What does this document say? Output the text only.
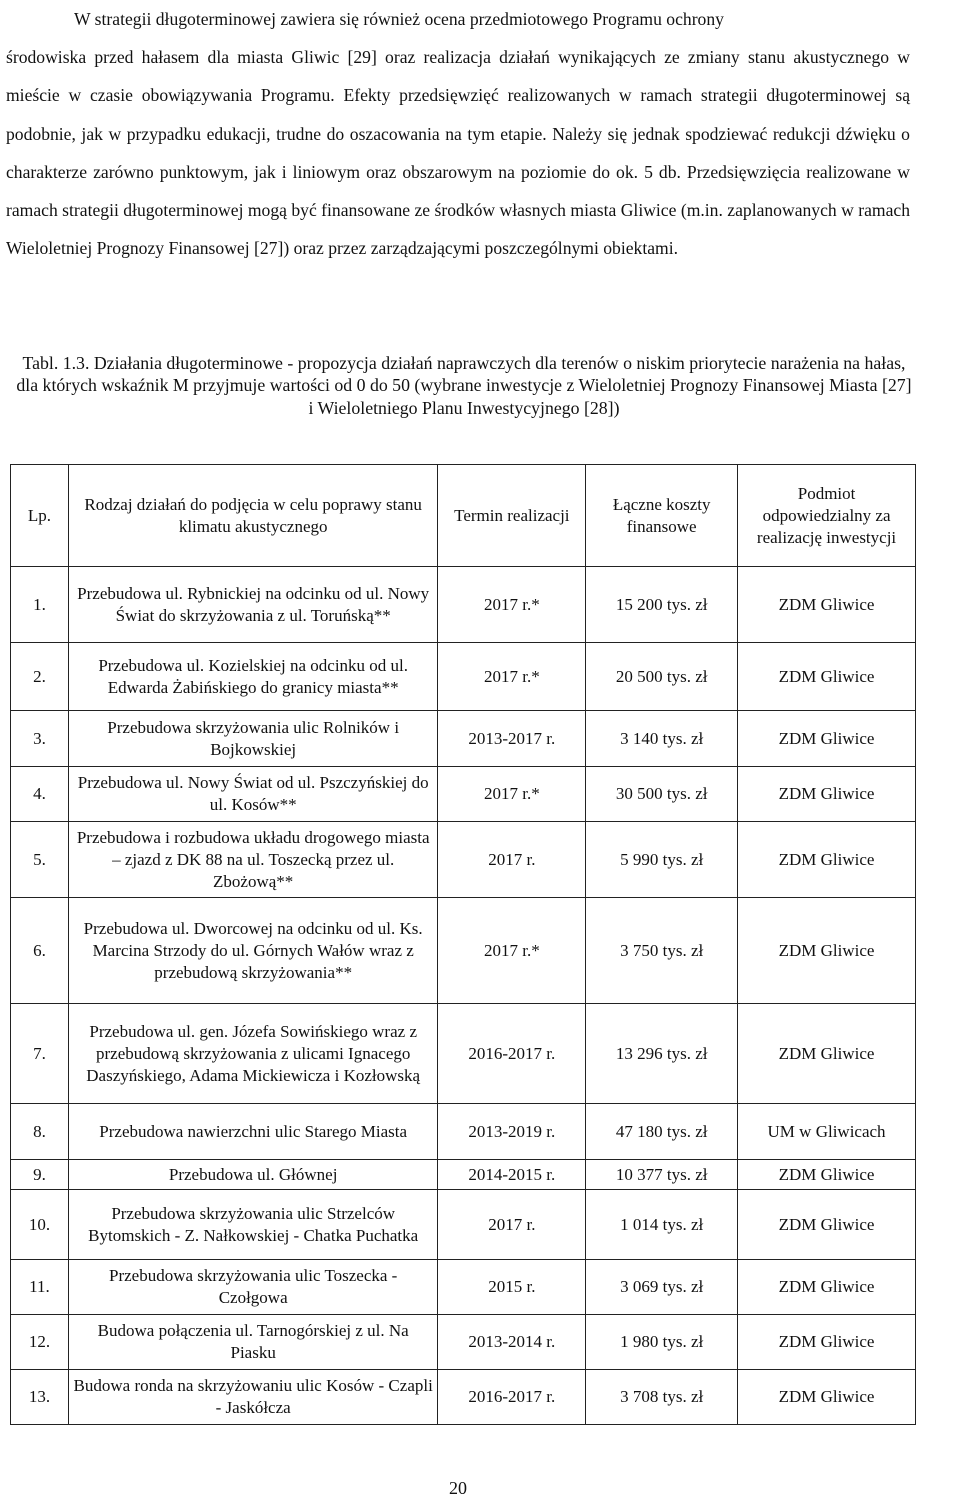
W strategii długoterminowej zawiera się również ocena przedmiotowego Programu ochrony
środowiska przed hałasem dla miasta Gliwic [29] oraz realizacja działań wynikających ze zmiany stanu akustycznego w mieście w czasie obowiązywania Programu. Efekty przedsięwzięć realizowanych w ramach strategii długoterminowej są podobnie, jak w przypadku edukacji, trudne do oszacowania na tym etapie. Należy się jednak spodziewać redukcji dźwięku o charakterze zarówno punktowym, jak i liniowym oraz obszarowym na poziomie do ok. 5 db. Przedsięwzięcia realizowane w ramach strategii długoterminowej mogą być finansowane ze środków własnych miasta Gliwice (m.in. zaplanowanych w ramach Wieloletniej Prognozy Finansowej [27]) oraz przez zarządzającymi poszczególnymi obiektami.

Tabl. 1.3. Działania długoterminowe - propozycja działań naprawczych dla terenów o niskim priorytecie narażenia na hałas, dla których wskaźnik M przyjmuje wartości od 0 do 50 (wybrane inwestycje z Wieloletniej Prognozy Finansowej Miasta [27] i Wieloletniego Planu Inwestycyjnego [28])

Lp.	Rodzaj działań do podjęcia w celu poprawy stanu klimatu akustycznego	Termin realizacji	Łączne koszty finansowe	Podmiot odpowiedzialny za realizację inwestycji
1.	Przebudowa ul. Rybnickiej na odcinku od ul. Nowy Świat do skrzyżowania z ul. Toruńską**	2017 r.*	15 200 tys. zł	ZDM Gliwice
2.	Przebudowa ul. Kozielskiej na odcinku od ul. Edwarda Żabińskiego do granicy miasta**	2017 r.*	20 500 tys. zł	ZDM Gliwice
3.	Przebudowa skrzyżowania ulic Rolników i Bojkowskiej	2013-2017 r.	3 140 tys. zł	ZDM Gliwice
4.	Przebudowa ul. Nowy Świat od ul. Pszczyńskiej do ul. Kosów**	2017 r.*	30 500 tys. zł	ZDM Gliwice
5.	Przebudowa i rozbudowa układu drogowego miasta – zjazd z DK 88 na ul. Toszecką przez ul. Zbożową**	2017 r.	5 990 tys. zł	ZDM Gliwice
6.	Przebudowa ul. Dworcowej na odcinku od ul. Ks. Marcina Strzody do ul. Górnych Wałów wraz z przebudową skrzyżowania**	2017 r.*	3 750 tys. zł	ZDM Gliwice
7.	Przebudowa ul. gen. Józefa Sowińskiego wraz z przebudową skrzyżowania z ulicami Ignacego Daszyńskiego, Adama Mickiewicza i Kozłowską	2016-2017 r.	13 296 tys. zł	ZDM Gliwice
8.	Przebudowa nawierzchni ulic Starego Miasta	2013-2019 r.	47 180 tys. zł	UM w Gliwicach
9.	Przebudowa ul. Głównej	2014-2015 r.	10 377 tys. zł	ZDM Gliwice
10.	Przebudowa skrzyżowania ulic Strzelców Bytomskich - Z. Nałkowskiej - Chatka Puchatka	2017 r.	1 014 tys. zł	ZDM Gliwice
11.	Przebudowa skrzyżowania ulic Toszecka - Czołgowa	2015 r.	3 069 tys. zł	ZDM Gliwice
12.	Budowa połączenia ul. Tarnogórskiej z ul. Na Piasku	2013-2014 r.	1 980 tys. zł	ZDM Gliwice
13.	Budowa ronda na skrzyżowaniu ulic Kosów - Czapli - Jaskółcza	2016-2017 r.	3 708 tys. zł	ZDM Gliwice

20
